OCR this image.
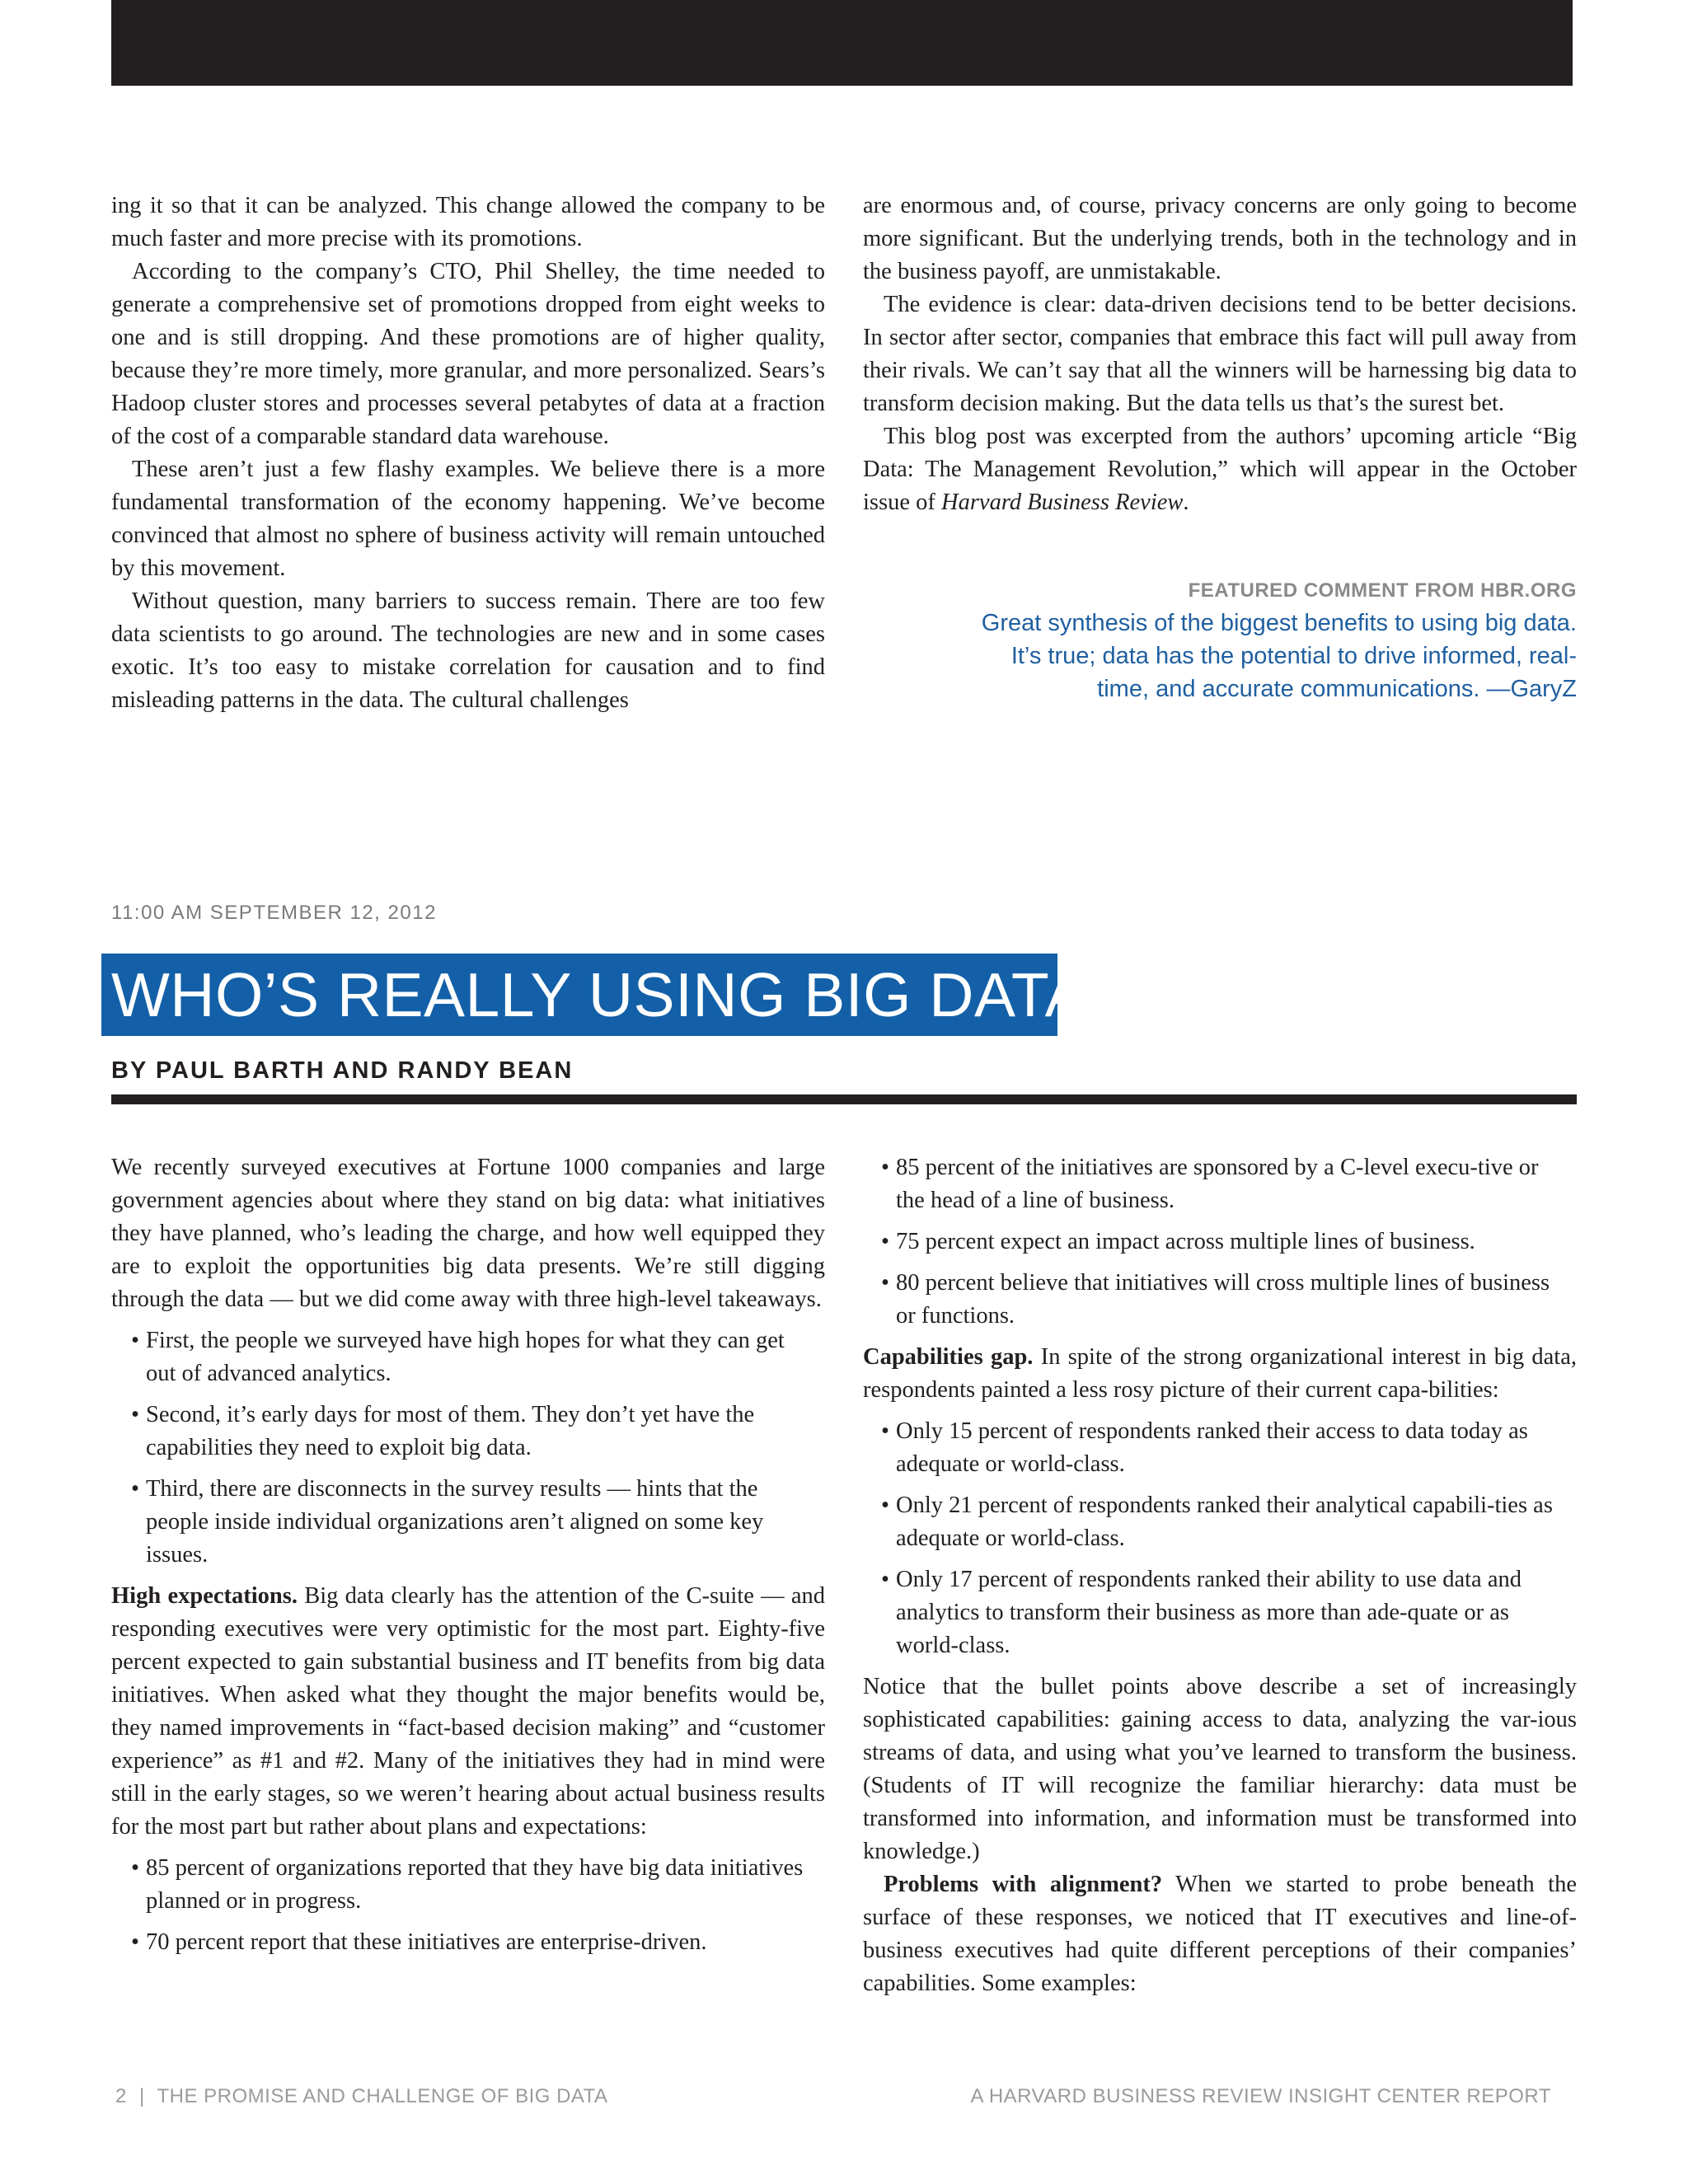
ing it so that it can be analyzed. This change allowed the company to be much faster and more precise with its promotions.

According to the company’s CTO, Phil Shelley, the time needed to generate a comprehensive set of promotions dropped from eight weeks to one and is still dropping. And these promotions are of higher quality, because they’re more timely, more granular, and more personalized. Sears’s Hadoop cluster stores and processes several petabytes of data at a fraction of the cost of a comparable standard data warehouse.

These aren’t just a few flashy examples. We believe there is a more fundamental transformation of the economy happening. We’ve become convinced that almost no sphere of business activity will remain untouched by this movement.

Without question, many barriers to success remain. There are too few data scientists to go around. The technologies are new and in some cases exotic. It’s too easy to mistake correlation for causation and to find misleading patterns in the data. The cultural challenges

are enormous and, of course, privacy concerns are only going to become more significant. But the underlying trends, both in the technology and in the business payoff, are unmistakable.

The evidence is clear: data-driven decisions tend to be better decisions. In sector after sector, companies that embrace this fact will pull away from their rivals. We can’t say that all the winners will be harnessing big data to transform decision making. But the data tells us that’s the surest bet.

This blog post was excerpted from the authors’ upcoming article “Big Data: The Management Revolution,” which will appear in the October issue of Harvard Business Review.

FEATURED COMMENT FROM HBR.ORG
Great synthesis of the biggest benefits to using big data.
It’s true; data has the potential to drive informed, real-
time, and accurate communications. —GaryZ
11:00 AM SEPTEMBER 12, 2012
WHO’S REALLY USING BIG DATA
BY PAUL BARTH AND RANDY BEAN

We recently surveyed executives at Fortune 1000 companies and large government agencies about where they stand on big data: what initiatives they have planned, who’s leading the charge, and how well equipped they are to exploit the opportunities big data presents. We’re still digging through the data — but we did come away with three high-level takeaways.

• First, the people we surveyed have high hopes for what they can get out of advanced analytics.
• Second, it’s early days for most of them. They don’t yet have the capabilities they need to exploit big data.
• Third, there are disconnects in the survey results — hints that the people inside individual organizations aren’t aligned on some key issues.

High expectations. Big data clearly has the attention of the C-suite — and responding executives were very optimistic for the most part. Eighty-five percent expected to gain substantial business and IT benefits from big data initiatives. When asked what they thought the major benefits would be, they named improvements in “fact-based decision making” and “customer experience” as #1 and #2. Many of the initiatives they had in mind were still in the early stages, so we weren’t hearing about actual business results for the most part but rather about plans and expectations:

• 85 percent of organizations reported that they have big data initiatives planned or in progress.
• 70 percent report that these initiatives are enterprise-driven.
• 85 percent of the initiatives are sponsored by a C-level execu-tive or the head of a line of business.
• 75 percent expect an impact across multiple lines of business.
• 80 percent believe that initiatives will cross multiple lines of business or functions.

Capabilities gap. In spite of the strong organizational interest in big data, respondents painted a less rosy picture of their current capa-bilities:

• Only 15 percent of respondents ranked their access to data today as adequate or world-class.
• Only 21 percent of respondents ranked their analytical capabili-ties as adequate or world-class.
• Only 17 percent of respondents ranked their ability to use data and analytics to transform their business as more than ade-quate or as world-class.

Notice that the bullet points above describe a set of increasingly sophisticated capabilities: gaining access to data, analyzing the var-ious streams of data, and using what you’ve learned to transform the business. (Students of IT will recognize the familiar hierarchy: data must be transformed into information, and information must be transformed into knowledge.)

Problems with alignment? When we started to probe beneath the surface of these responses, we noticed that IT executives and line-of-business executives had quite different perceptions of their companies’ capabilities. Some examples:

2 | THE PROMISE AND CHALLENGE OF BIG DATA	A HARVARD BUSINESS REVIEW INSIGHT CENTER REPORT
